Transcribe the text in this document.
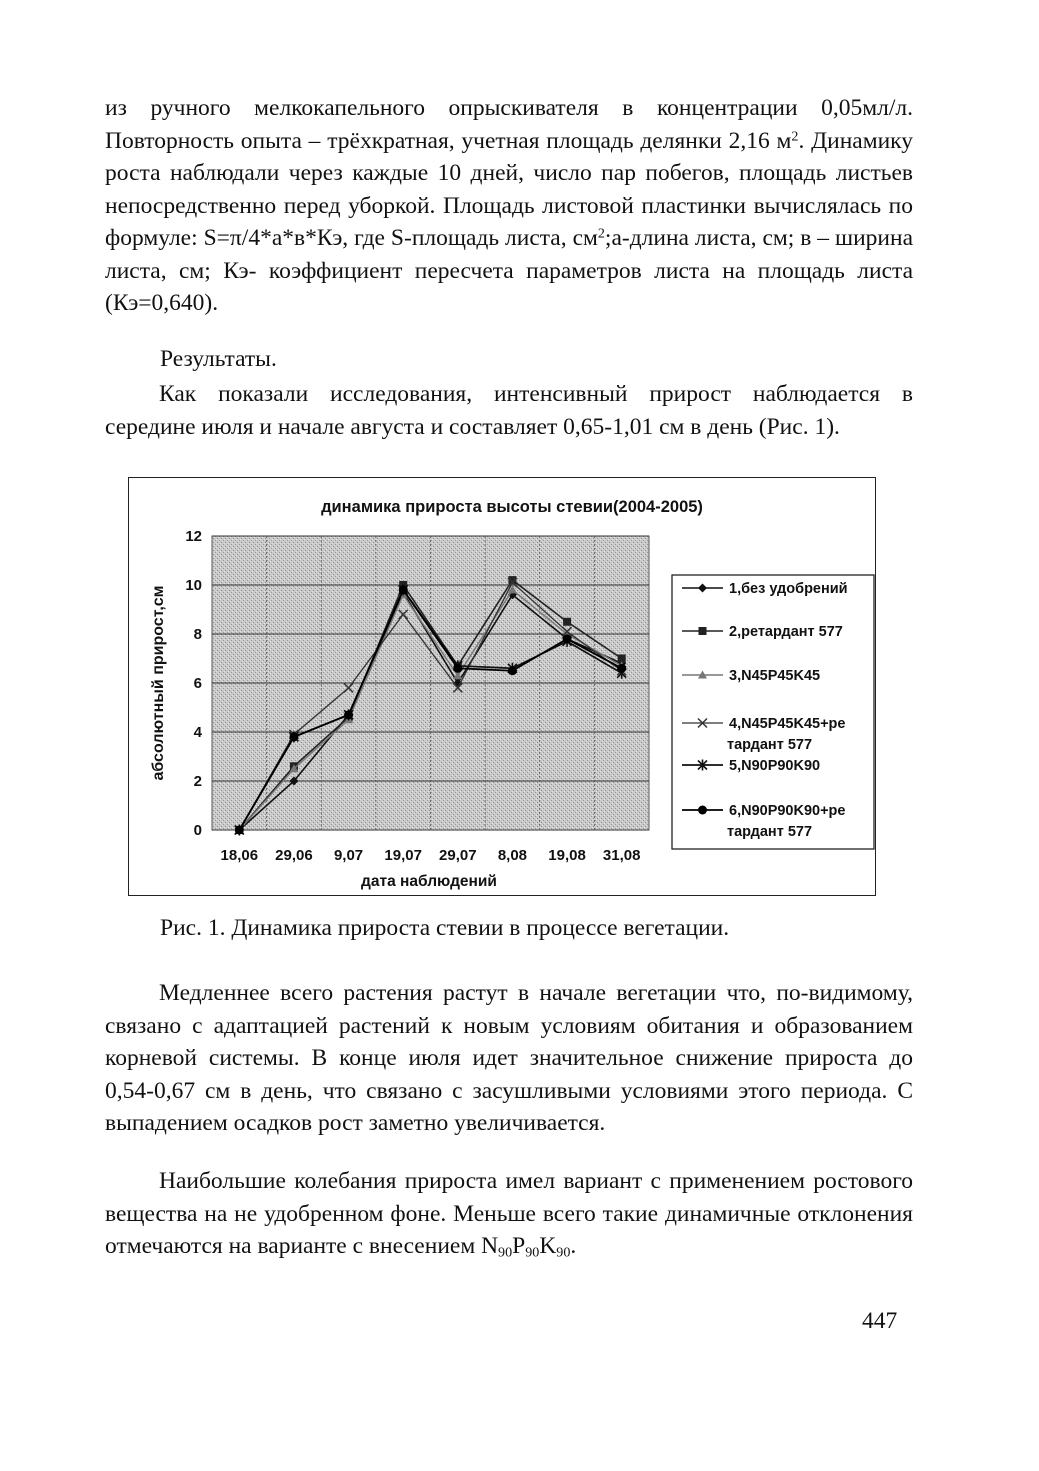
из ручного мелкокапельного опрыскивателя в концентрации 0,05мл/л. Повторность опыта – трёхкратная, учетная площадь делянки 2,16 $м^2$. Динамику роста наблюдали через каждые 10 дней, число пар побегов, площадь листьев непосредственно перед уборкой. Площадь листовой пластинки вычислялась по формуле: S=π/4*а*в*Кэ, где S-площадь листа, $см^2;а$-длина листа, см; в – ширина листа, см; Кэ- коэффициент пересчета параметров листа на площадь листа (Кэ=0,640).

Результаты.

Как показали исследования, интенсивный прирост наблюдается в середине июля и начале августа и составляет 0,65-1,01 см в день (Рис. 1).

динамика прироста высоты стевии(2004-2005)
0
2
4
6
8
10
12
18,06 29,06 9,07 19,07 29,07 8,08 19,08 31,08
абсолютный прирост,см
дата наблюдений
1,без удобрений
2,ретардант 577
3,N45P45K45
4,N45P45K45+ре
тардант 577
5,N90P90K90
6,N90P90K90+ре
тардант 577

Рис. 1. Динамика прироста стевии в процессе вегетации.

Медленнее всего растения растут в начале вегетации что, по-видимому, связано с адаптацией растений к новым условиям обитания и образованием корневой системы. В конце июля идет значительное снижение прироста до 0,54-0,67 см в день, что связано с засушливыми условиями этого периода. С выпадением осадков рост заметно увеличивается.

Наибольшие колебания прироста имел вариант с применением ростового вещества на не удобренном фоне. Меньше всего такие динамичные отклонения отмечаются на варианте с внесением $N_{90}P_{90}K_{90}$.

447
